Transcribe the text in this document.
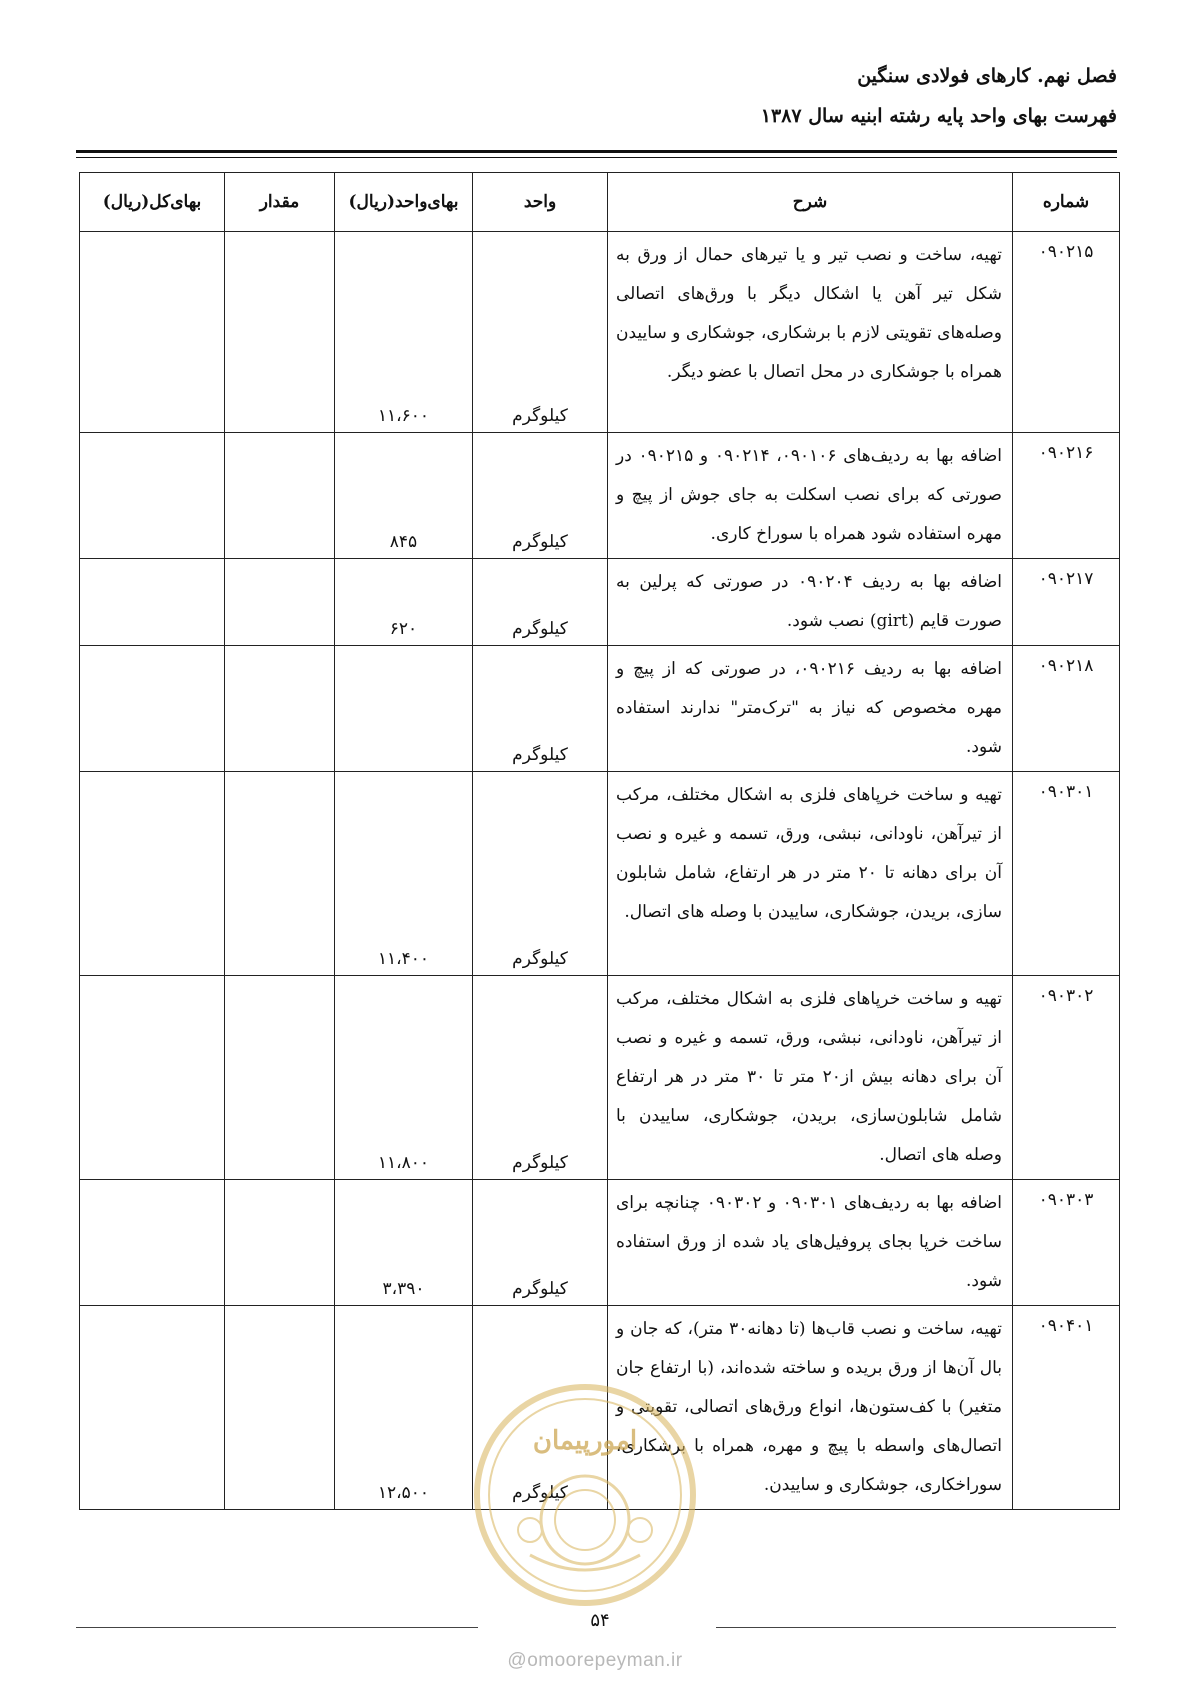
فصل نهم. کارهای فولادی سنگین
فهرست بهای واحد پایه رشته ابنیه سال ۱۳۸۷
شماره	شرح	واحد	بهای‌واحد(ریال)	مقدار	بهای‌کل(ریال)
۰۹۰۲۱۵	تهیه، ساخت و نصب تیر و یا تیرهای حمال از ورق به شکل تیر آهن یا اشکال دیگر با ورق‌های اتصالی وصله‌های تقویتی لازم با برشکاری، جوشکاری و ساییدن همراه با جوشکاری در محل اتصال با عضو دیگر.	کیلوگرم	۱۱،۶۰۰		
۰۹۰۲۱۶	اضافه بها به ردیف‌های ۰۹۰۱۰۶، ۰۹۰۲۱۴ و ۰۹۰۲۱۵ در صورتی که برای نصب اسکلت به جای جوش از پیچ و مهره استفاده شود همراه با سوراخ کاری.	کیلوگرم	۸۴۵		
۰۹۰۲۱۷	اضافه بها به ردیف ۰۹۰۲۰۴ در صورتی که پرلین به صورت قایم (girt) نصب شود.	کیلوگرم	۶۲۰		
۰۹۰۲۱۸	اضافه بها به ردیف ۰۹۰۲۱۶، در صورتی که از پیچ و مهره مخصوص که نیاز به "ترک‌متر" ندارند استفاده شود.	کیلوگرم			
۰۹۰۳۰۱	تهیه و ساخت خرپاهای فلزی به اشکال مختلف، مرکب از تیرآهن، ناودانی، نبشی، ورق، تسمه و غیره و نصب آن برای دهانه تا ۲۰ متر در هر ارتفاع، شامل شابلون سازی، بریدن، جوشکاری، ساییدن با وصله های اتصال.	کیلوگرم	۱۱،۴۰۰		
۰۹۰۳۰۲	تهیه و ساخت خرپاهای فلزی به اشکال مختلف، مرکب از تیرآهن، ناودانی، نبشی، ورق، تسمه و غیره و نصب آن برای دهانه بیش از۲۰ متر تا ۳۰ متر در هر ارتفاع شامل شابلون‌سازی، بریدن، جوشکاری، ساییدن با وصله های اتصال.	کیلوگرم	۱۱،۸۰۰		
۰۹۰۳۰۳	اضافه بها به ردیف‌های ۰۹۰۳۰۱ و ۰۹۰۳۰۲ چنانچه برای ساخت خرپا بجای پروفیل‌های یاد شده از ورق استفاده شود.	کیلوگرم	۳،۳۹۰		
۰۹۰۴۰۱	تهیه، ساخت و نصب قاب‌ها (تا دهانه۳۰ متر)، که جان و بال آن‌ها از ورق بریده و ساخته شده‌اند، (با ارتفاع جان متغیر) با کف‌ستون‌ها، انواع ورق‌های اتصالی، تقویتی و اتصال‌های واسطه با پیچ و مهره، همراه با برشکاری، سوراخکاری، جوشکاری و ساییدن.	کیلوگرم	۱۲،۵۰۰		
امورپیمان
۵۴
@omoorepeyman.ir
